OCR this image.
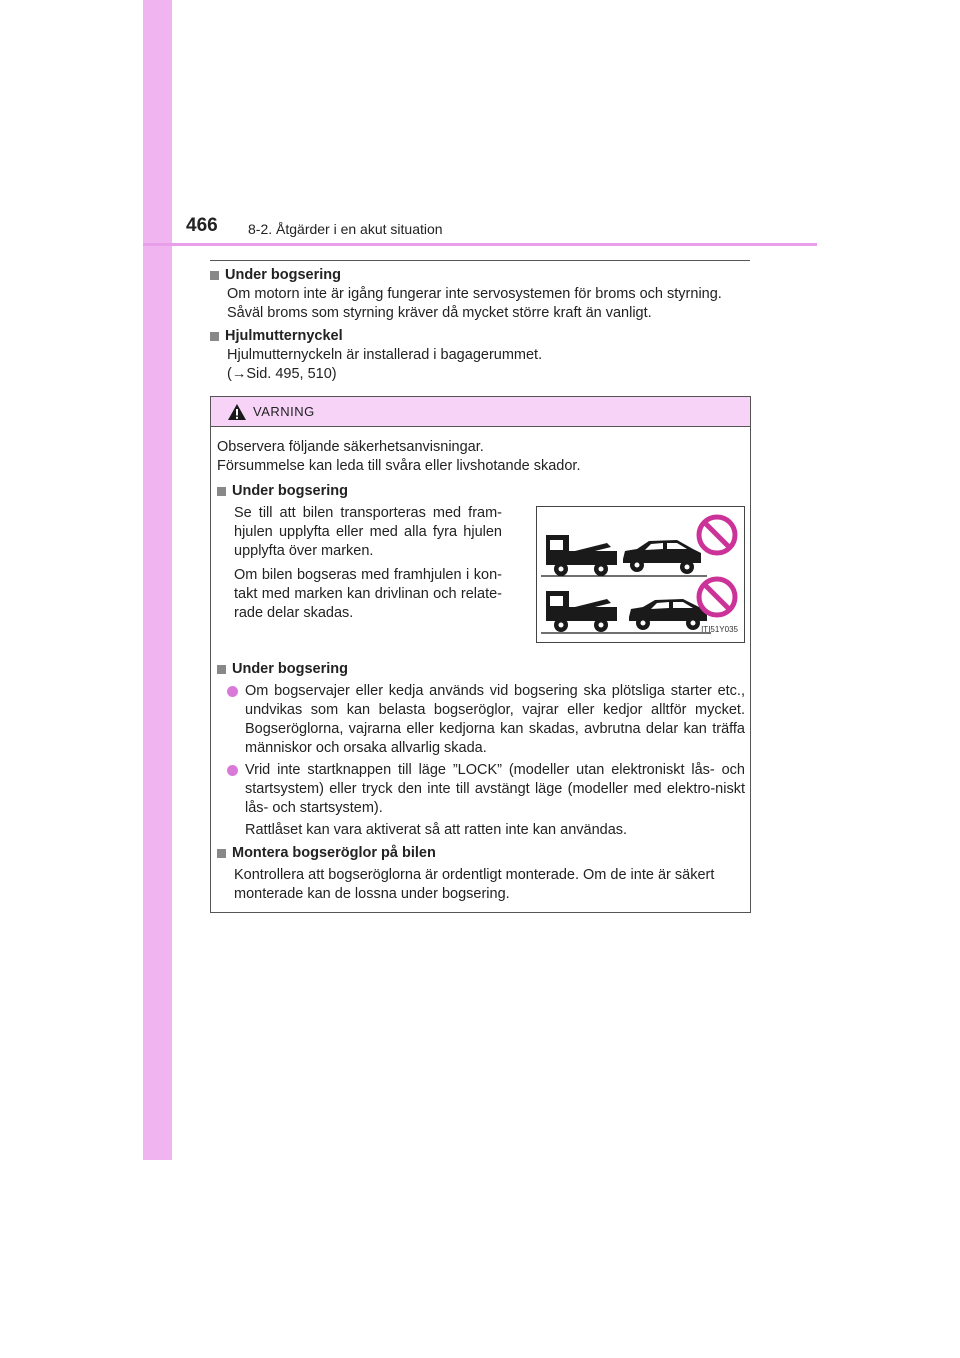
466 8-2. Åtgärder i en akut situation
Under bogsering
Om motorn inte är igång fungerar inte servosystemen för broms och styrning. Såväl broms som styrning kräver då mycket större kraft än vanligt.
Hjulmutternyckel
Hjulmutternyckeln är installerad i bagagerummet.
(→Sid. 495, 510)
VARNING
Observera följande säkerhetsanvisningar.
Försummelse kan leda till svåra eller livshotande skador.
Under bogsering

Se till att bilen transporteras med fram-hjulen upplyfta eller med alla fyra hjulen upplyfta över marken.

Om bilen bogseras med framhjulen i kon-takt med marken kan drivlinan och relate-rade delar skadas.

ITI51Y035
Under bogsering
Om bogservajer eller kedja används vid bogsering ska plötsliga starter etc., undvikas som kan belasta bogseröglor, vajrar eller kedjor alltför mycket. Bogseröglorna, vajrarna eller kedjorna kan skadas, avbrutna delar kan träffa människor och orsaka allvarlig skada.
Vrid inte startknappen till läge ”LOCK” (modeller utan elektroniskt lås- och startsystem) eller tryck den inte till avstängt läge (modeller med elektro-niskt lås- och startsystem).
Rattlåset kan vara aktiverat så att ratten inte kan användas.
Montera bogseröglor på bilen
Kontrollera att bogseröglorna är ordentligt monterade. Om de inte är säkert monterade kan de lossna under bogsering.
